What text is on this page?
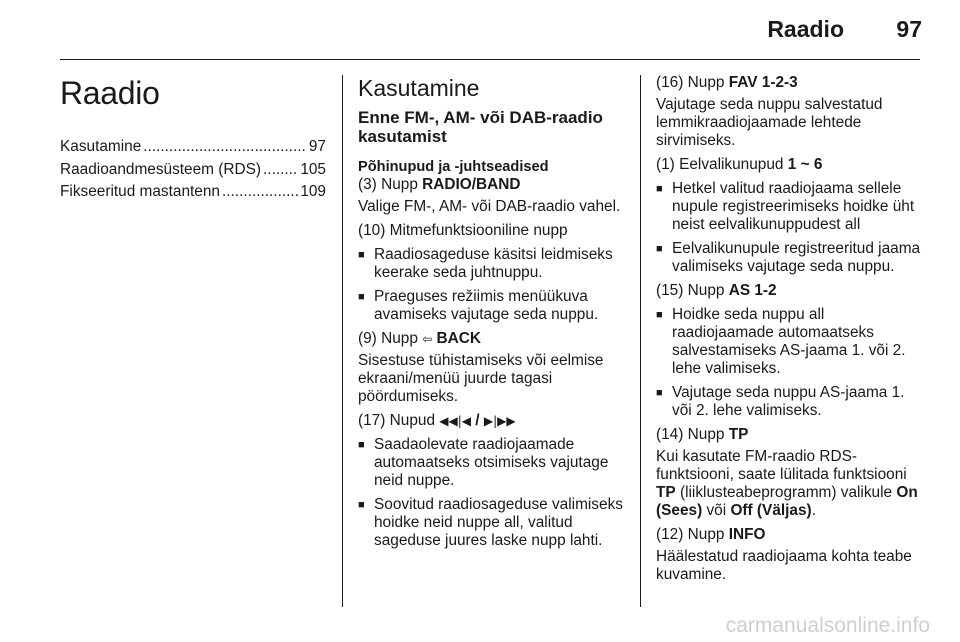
Raadio 97
Raadio
Kasutamine .....	97
Raadioandmesüsteem (RDS) .....	105
Fikseeritud mastantenn .....	109
Kasutamine
Enne FM-, AM- või DAB-raadio kasutamist
Põhinupud ja -juhtseadised
(3) Nupp RADIO/BAND
Valige FM-, AM- või DAB-raadio vahel.

(10) Mitmefunktsiooniline nupp

■ Raadiosageduse käsitsi leidmiseks keerake seda juhtnuppu.
■ Praeguses režiimis menüükuva avamiseks vajutage seda nuppu.
(9) Nupp ⇦ BACK
Sisestuse tühistamiseks või eelmise ekraani/menüü juurde tagasi pöördumiseks.

(17) Nupud ◀◀|◀ / ▶|▶▶

■ Saadaolevate raadiojaamade automaatseks otsimiseks vajutage neid nuppe.
■ Soovitud raadiosageduse valimiseks hoidke neid nuppe all, valitud sageduse juures laske nupp lahti.
(16) Nupp FAV 1-2-3
Vajutage seda nuppu salvestatud lemmikraadiojaamade lehtede sirvimiseks.

(1) Eelvalikunupud 1 ~ 6

■ Hetkel valitud raadiojaama sellele nupule registreerimiseks hoidke üht neist eelvalikunuppudest all
■ Eelvalikunupule registreeritud jaama valimiseks vajutage seda nuppu.

(15) Nupp AS 1-2

■ Hoidke seda nuppu all raadiojaamade automaatseks salvestamiseks AS-jaama 1. või 2. lehe valimiseks.
■ Vajutage seda nuppu AS-jaama 1. või 2. lehe valimiseks.
(14) Nupp TP
Kui kasutate FM-raadio RDS-funktsiooni, saate lülitada funktsiooni TP (liiklusteabeprogramm) valikule On (Sees) või Off (Väljas).
(12) Nupp INFO
Häälestatud raadiojaama kohta teabe kuvamine.
carmanualsonline.info
